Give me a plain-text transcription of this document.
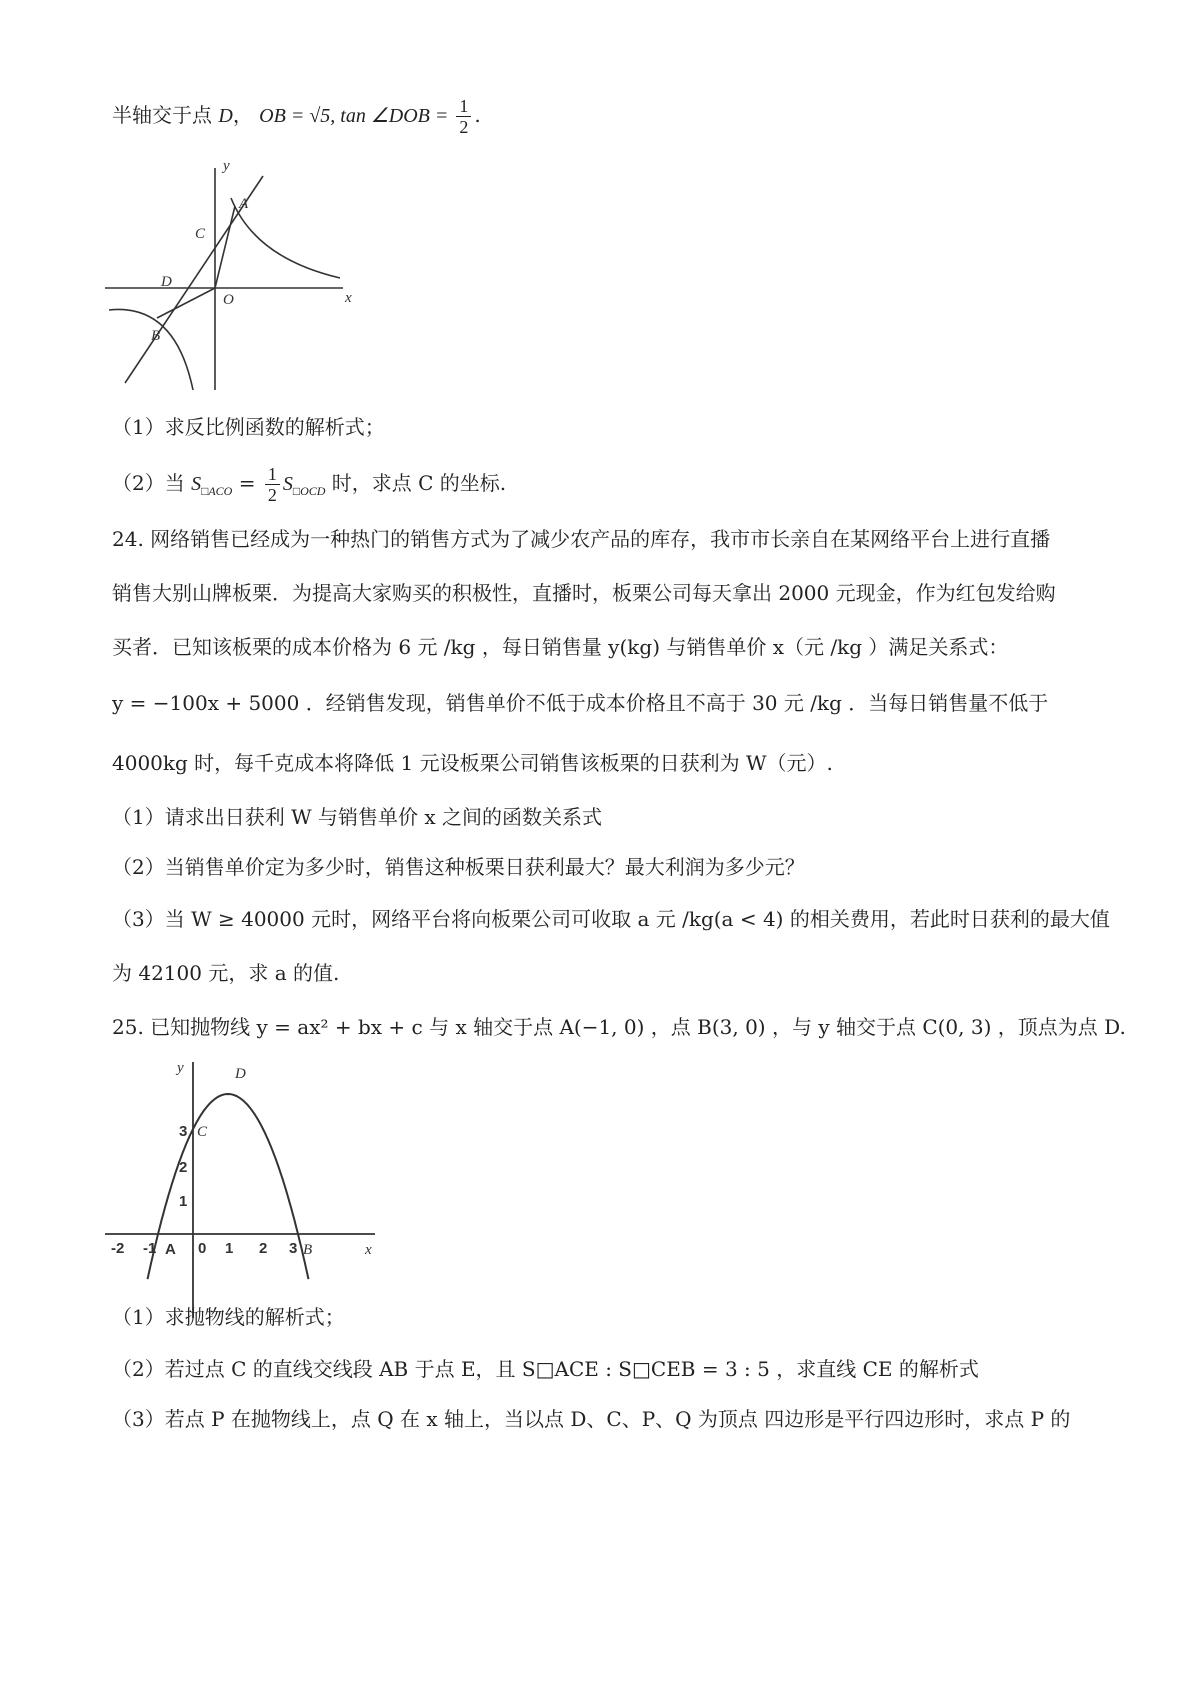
半轴交于点 D， OB = √5, tan ∠DOB = $\frac{1}{2}$ .
y
x
A
C
D
O
B
（1）求反比例函数的解析式；
（2）当 $S_{□ACO} = \frac{1}{2} S_{□OCD}$ 时，求点 C 的坐标.
24. 网络销售已经成为一种热门的销售方式为了减少农产品的库存，我市市长亲自在某网络平台上进行直播
销售大别山牌板栗．为提高大家购买的积极性，直播时，板栗公司每天拿出 2000 元现金，作为红包发给购
买者．已知该板栗的成本价格为 6 元 /kg ，每日销售量 y(kg) 与销售单价 x（元 /kg ）满足关系式：
y = −100x + 5000 ．经销售发现，销售单价不低于成本价格且不高于 30 元 /kg ．当每日销售量不低于
4000kg 时，每千克成本将降低 1 元设板栗公司销售该板栗的日获利为 W（元）.
（1）请求出日获利 W 与销售单价 x 之间的函数关系式
（2）当销售单价定为多少时，销售这种板栗日获利最大？最大利润为多少元？
（3）当 W ≥ 40000 元时，网络平台将向板栗公司可收取 a 元 /kg(a < 4) 的相关费用，若此时日获利的最大值
为 42100 元，求 a 的值.
25. 已知抛物线 y = ax² + bx + c 与 x 轴交于点 A(−1, 0) ，点 B(3, 0) ，与 y 轴交于点 C(0, 3) ，顶点为点 D.
-2 -1	0 1 2 3
1
2
3
y
x
D
C
A	B
（1）求抛物线的解析式；
（2）若过点 C 的直线交线段 AB 于点 E，且 S□ACE : S□CEB = 3 : 5 ，求直线 CE 的解析式
（3）若点 P 在抛物线上，点 Q 在 x 轴上，当以点 D、C、P、Q 为顶点 四边形是平行四边形时，求点 P 的
